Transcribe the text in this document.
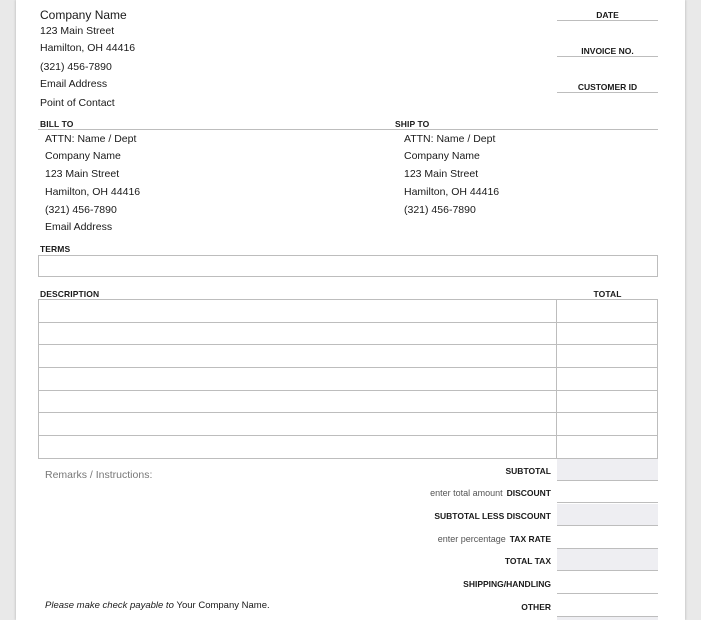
Company Name
123 Main Street
Hamilton, OH 44416
(321) 456-7890
Email Address
Point of Contact
DATE
INVOICE NO.
CUSTOMER ID
BILL TO	SHIP TO
ATTN: Name / Dept
Company Name
123 Main Street
Hamilton, OH 44416
(321) 456-7890
Email Address
ATTN: Name / Dept
Company Name
123 Main Street
Hamilton, OH 44416
(321) 456-7890
TERMS
DESCRIPTION	TOTAL

Remarks / Instructions:	SUBTOTAL
enter total amount DISCOUNT
SUBTOTAL LESS DISCOUNT
enter percentage TAX RATE
TOTAL TAX
SHIPPING/HANDLING
OTHER
Please make check payable to Your Company Name.
